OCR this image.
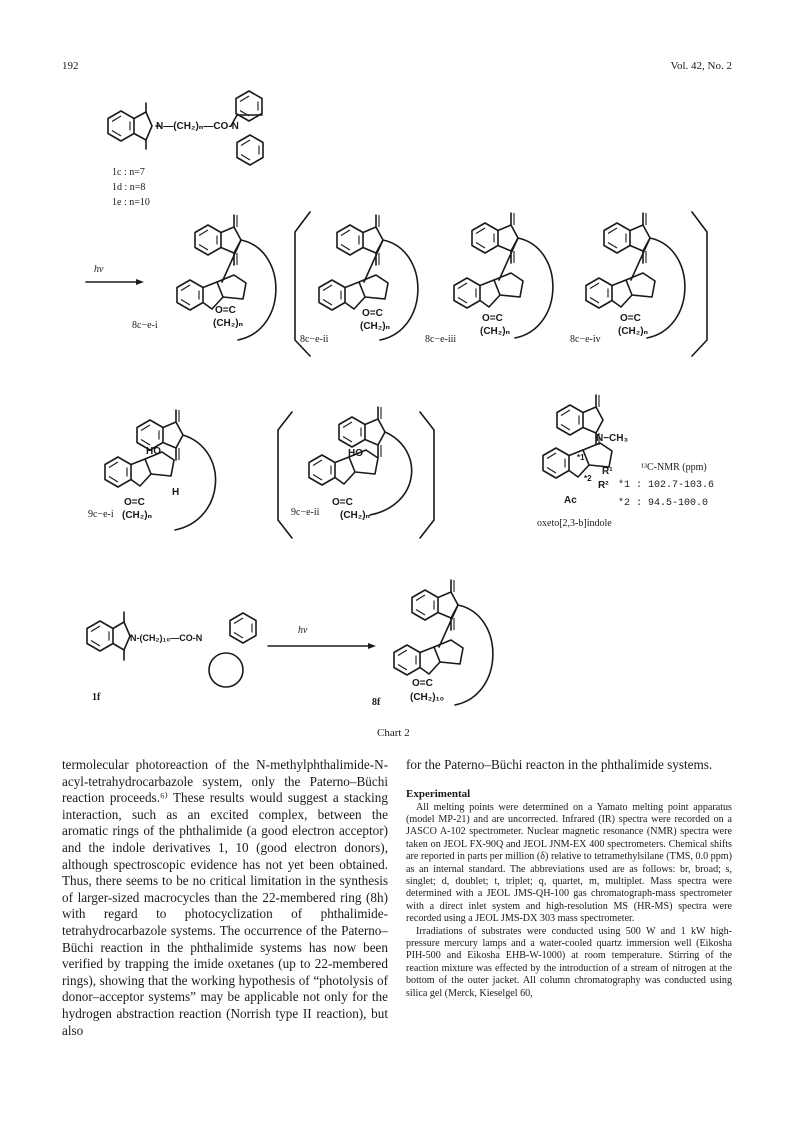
192	Vol. 42, No. 2
N—(CH₂)ₙ—CO-N
1c : n=7
1d : n=8
1e : n=10
hν
8c−e-i
O=C
(CH₂)ₙ
8c−e-ii
O=C
(CH₂)ₙ
8c−e-iii
O=C
(CH₂)ₙ
8c−e-iv
O=C
(CH₂)ₙ
HO
H
O=C
9c−e-i (CH₂)ₙ
HO
O=C
9c−e-ii (CH₂)ₙ
N−CH₃
*1
*2
R¹
R²
Ac
¹³C-NMR (ppm)
*1 : 102.7-103.6
*2 : 94.5-100.0
oxeto[2,3-b]indole
N-(CH₂)₁₀—CO-N
1f
hν
O=C
(CH₂)₁₀
8f
Chart 2

termolecular photoreaction of the N-methylphthalimide-N-acyl-tetrahydrocarbazole system, only the Paterno–Büchi reaction proceeds.⁶⁾ These results would suggest a stacking interaction, such as an excited complex, between the aromatic rings of the phthalimide (a good electron acceptor) and the indole derivatives 1, 10 (good electron donors), although spectroscopic evidence has not yet been obtained. Thus, there seems to be no critical limitation in the synthesis of larger-sized macrocycles than the 22-membered ring (8h) with regard to photocyclization of phthalimide-tetrahydrocarbazole systems. The occurrence of the Paterno–Büchi reaction in the phthalimide systems has now been verified by trapping the imide oxetanes (up to 22-membered rings), showing that the working hypothesis of “photolysis of donor–acceptor systems” may be applicable not only for the hydrogen abstraction reaction (Norrish type II reaction), but also

for the Paterno–Büchi reacton in the phthalimide systems.

Experimental

All melting points were determined on a Yamato melting point apparatus (model MP-21) and are uncorrected. Infrared (IR) spectra were recorded on a JASCO A-102 spectrometer. Nuclear magnetic resonance (NMR) spectra were taken on JEOL FX-90Q and JEOL JNM-EX 400 spectrometers. Chemical shifts are reported in parts per million (δ) relative to tetramethylsilane (TMS, 0.0 ppm) as an internal standard. The abbreviations used are as follows: br, broad; s, singlet; d, doublet; t, triplet; q, quartet, m, multiplet. Mass spectra were determined with a JEOL JMS-QH-100 gas chromatograph-mass spectrometer with a direct inlet system and high-resolution MS (HR-MS) spectra were recorded using a JEOL JMS-DX 303 mass spectrometer.

Irradiations of substrates were conducted using 500 W and 1 kW high-pressure mercury lamps and a water-cooled quartz immersion well (Eikosha PIH-500 and Eikosha EHB-W-1000) at room temperature. Stirring of the reaction mixture was effected by the introduction of a stream of nitrogen at the bottom of the outer jacket. All column chromatography was conducted using silica gel (Merck, Kieselgel 60,
